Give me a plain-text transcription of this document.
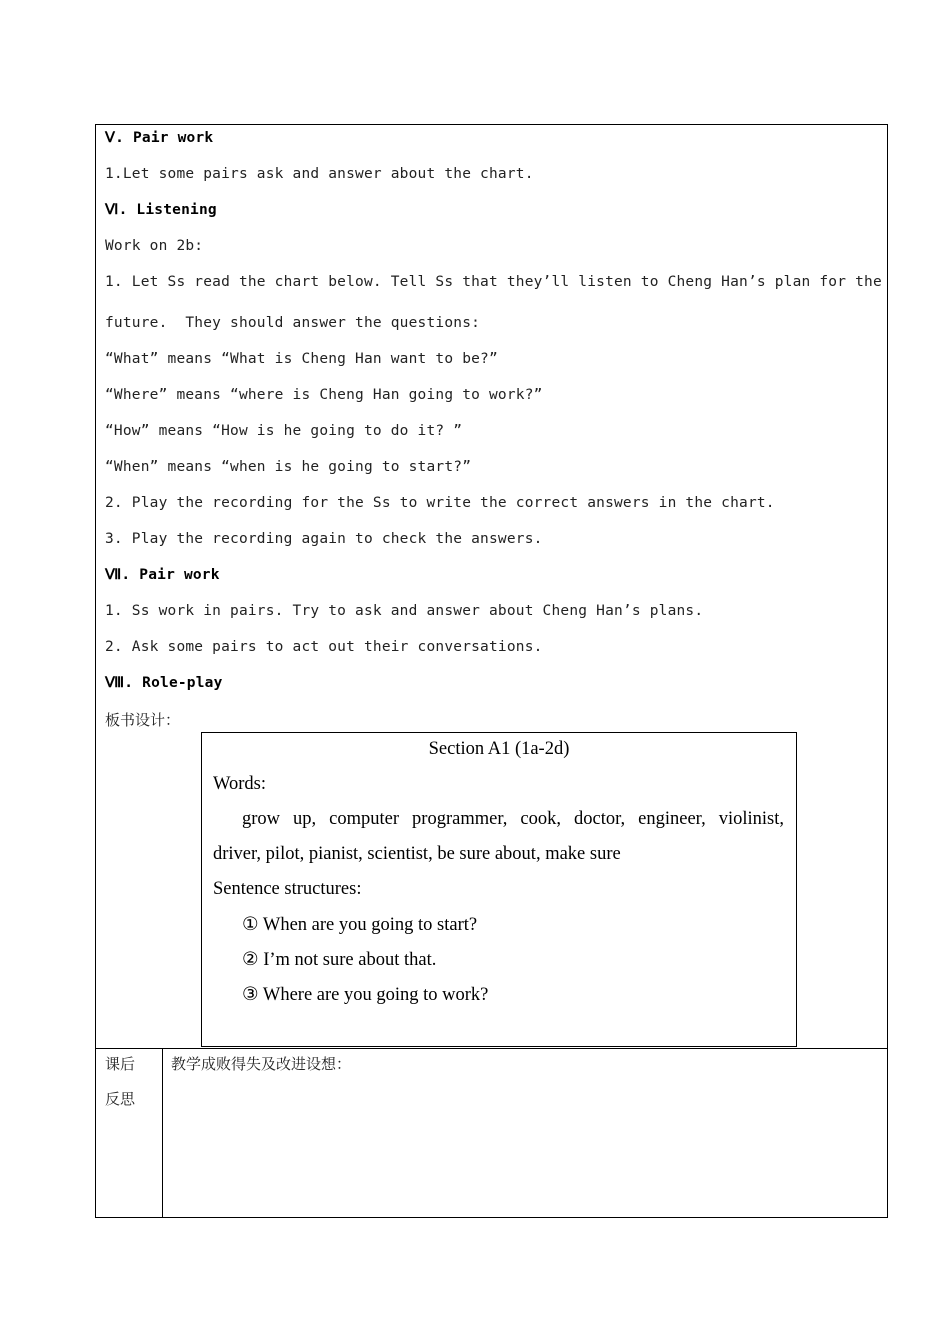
Ⅴ. Pair work
1.Let some pairs ask and answer about the chart.
Ⅵ. Listening
Work on 2b:
1. Let Ss read the chart below. Tell Ss that they’ll listen to Cheng Han’s plan for the
future.  They should answer the questions:
“What” means “What is Cheng Han want to be?”
“Where” means “where is Cheng Han going to work?”
“How” means “How is he going to do it? ”
“When” means “when is he going to start?”
2. Play the recording for the Ss to write the correct answers in the chart.
3. Play the recording again to check the answers.
Ⅶ. Pair work
1. Ss work in pairs. Try to ask and answer about Cheng Han’s plans.
2. Ask some pairs to act out their conversations.
Ⅷ. Role-play
板书设计：
Section A1 (1a-2d)
Words:
grow up, computer programmer, cook, doctor, engineer, violinist,
driver, pilot, pianist, scientist, be sure about, make sure
Sentence structures:
① When are you going to start?
② I’m not sure about that.
③ Where are you going to work?
课后
反思
教学成败得失及改进设想：
